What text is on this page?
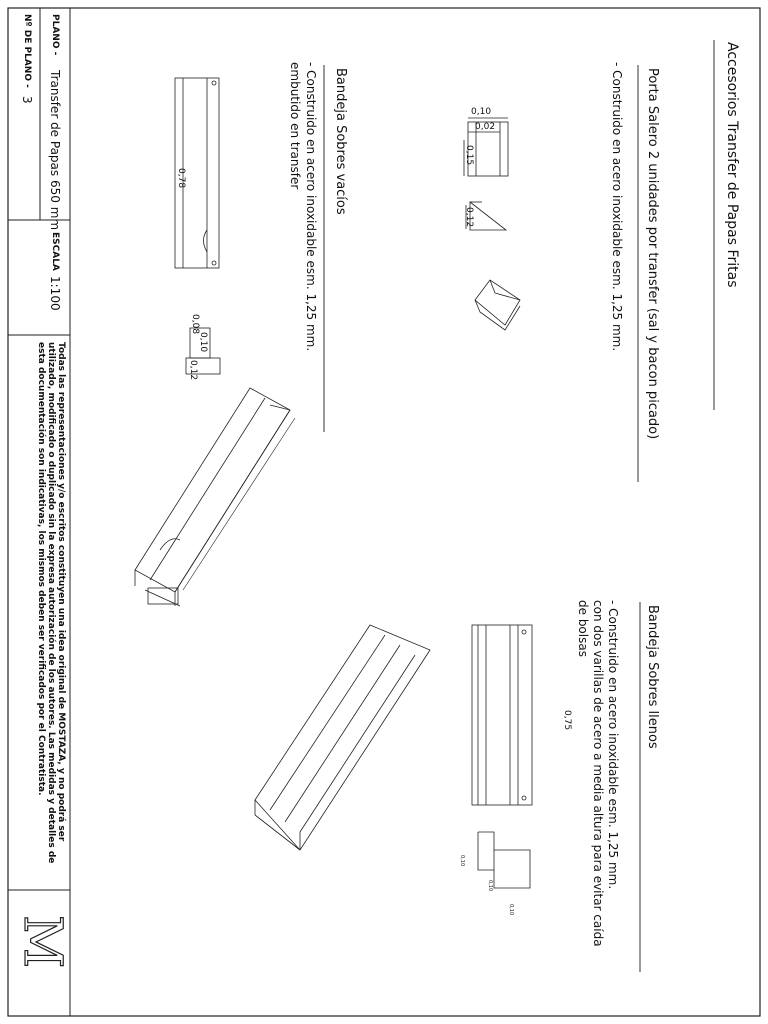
0,10
0,02	Accesorios Transfer de Papas Fritas
Porta Salero 2 unidades por transfer (sal y bacon picado)
- Construido en acero inoxidable esm. 1,25 mm.
0,15
0,12
Bandeja Sobres vacíos
- Construido en acero inoxidable esm. 1,25 mm.
embutido en transfer
0,78
0,08
0,10
0,12
Bandeja Sobres llenos
- Construido en acero inoxidable esm. 1,25 mm.
con dos varillas de acero a media altura para evitar caída
de bolsas
0,75
0,10
0,10
0,10
PLANO -
Transfer de Papas 650 mm
Nº DE PLANO -
3
ESCALA
1:100
Todas las representaciones y/o escritos constituyen una idea original de MOSTAZA, y no podrá ser utilizado, modificado o duplicado sin la expresa autorización de los autores. Las medidas y detalles de esta documentación son indicativas, los mismos deben ser verificados por el Contratista.
M
